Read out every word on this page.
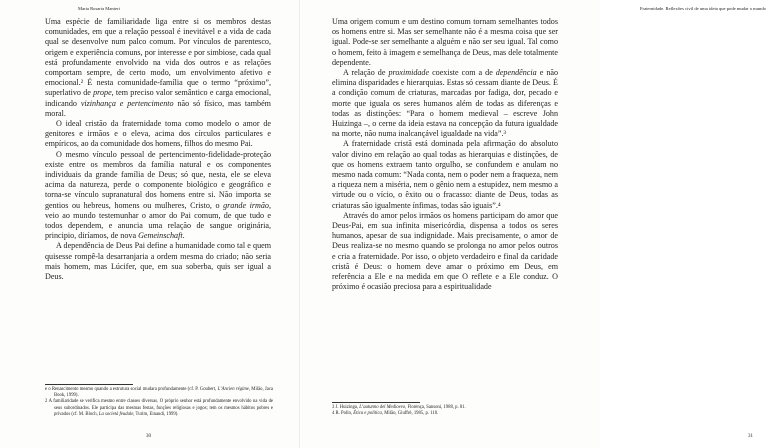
Maria Rosaria Manieri

Uma espécie de familiaridade liga entre si os membros destas comunidades, em que a relação pessoal é inevitável e a vida de cada qual se desenvolve num palco comum. Por vínculos de parentesco, origem e experiência comuns, por interesse e por simbiose, cada qual está profundamente envolvido na vida dos outros e as relações comportam sempre, de certo modo, um envolvimento afetivo e emocional.² É nesta comunidade-família que o termo “próximo”, superlativo de prope, tem preciso valor semântico e carga emocional, indicando vizinhança e pertencimento não só físico, mas também moral.

O ideal cristão da fraternidade toma como modelo o amor de genitores e irmãos e o eleva, acima dos círculos particulares e empíricos, ao da comunidade dos homens, filhos do mesmo Pai.

O mesmo vínculo pessoal de pertencimento-fidelidade-proteção existe entre os membros da família natural e os componentes individuais da grande família de Deus; só que, nesta, ele se eleva acima da natureza, perde o componente biológico e geográfico e torna-se vínculo supranatural dos homens entre si. Não importa se gentios ou hebreus, homens ou mulheres, Cristo, o grande irmão, veio ao mundo testemunhar o amor do Pai comum, de que tudo e todos dependem, e anuncia uma relação de sangue originária, principio, diríamos, de nova Gemeinschaft.

A dependência de Deus Pai define a humanidade como tal e quem quisesse rompê-la desarranjaria a ordem mesma do criado; não seria mais homem, mas Lúcifer, que, em sua soberba, quis ser igual a Deus.

e o Renascimento mesmo quando a estrutura social mudara profundamente (cf. P. Goubert, L’Ancien régime, Milão, Jaca Book, 1999).

2 A familiaridade se verifica mesmo entre classes diversas. O próprio senhor está profundamente envolvido na vida de seus subordinados. Ele participa das mesmas festas, funções religiosas e jogos; tem os mesmos hábitos pobres e privados (cf. M. Bloch, La società feudale, Turim, Einaudi, 1999).

30
Fraternidade. Reflexões civil de uma ideia que pode mudar o mundo

Uma origem comum e um destino comum tornam semelhantes todos os homens entre si. Mas ser semelhante não é a mesma coisa que ser igual. Pode-se ser semelhante a alguém e não ser seu igual. Tal como o homem, feito à imagem e semelhança de Deus, mas dele totalmente dependente.

A relação de proximidade coexiste com a de dependência e não elimina disparidades e hierarquias. Estas só cessam diante de Deus. É a condição comum de criaturas, marcadas por fadiga, dor, pecado e morte que iguala os seres humanos além de todas as diferenças e todas as distinções: “Para o homem medieval – escreve John Huizinga –, o cerne da ideia estava na concepção da futura igualdade na morte, não numa inalcançável igualdade na vida”.³

A fraternidade cristã está dominada pela afirmação do absoluto valor divino em relação ao qual todas as hierarquias e distinções, de que os homens extraem tanto orgulho, se confundem e anulam no mesmo nada comum: “Nada conta, nem o poder nem a fraqueza, nem a riqueza nem a miséria, nem o gênio nem a estupidez, nem mesmo a virtude ou o vício, o êxito ou o fracasso: diante de Deus, todas as criaturas são igualmente ínfimas, todas são iguais”.⁴

Através do amor pelos irmãos os homens participam do amor que Deus-Pai, em sua infinita misericórdia, dispensa a todos os seres humanos, apesar de sua indignidade. Mais precisamente, o amor de Deus realiza-se no mesmo quando se prolonga no amor pelos outros e cria a fraternidade. Por isso, o objeto verdadeiro e final da caridade cristã é Deus: o homem deve amar o próximo em Deus, em referência a Ele e na medida em que O reflete e a Ele conduz. O próximo é ocasião preciosa para a espiritualidade

3 J. Huizinga, L’autunno del Medioevo, Florença, Sansoni, 1988, p. 81.

4 R. Polin, Ética e política, Milão, Giuffrè, 1985, p. 110.

31
